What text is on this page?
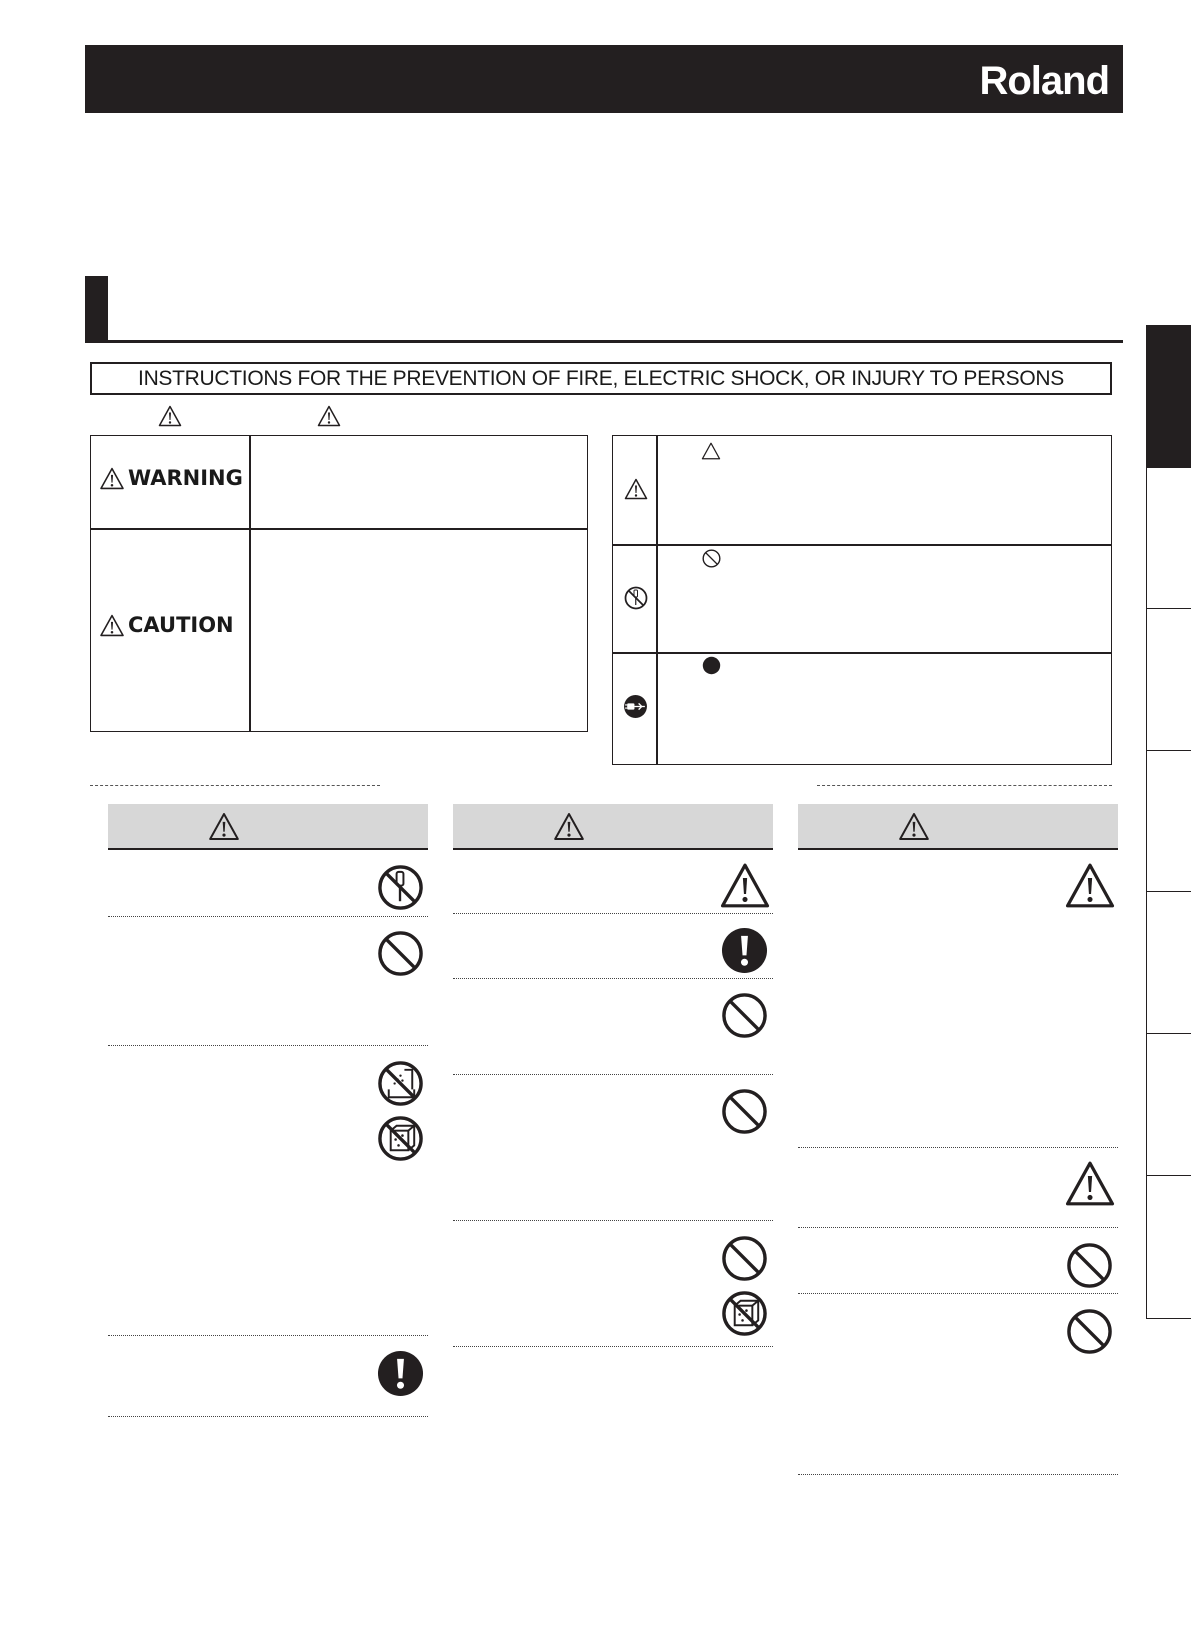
Roland
INSTRUCTIONS FOR THE PREVENTION OF FIRE, ELECTRIC SHOCK, OR INJURY TO PERSONS
WARNING
CAUTION
